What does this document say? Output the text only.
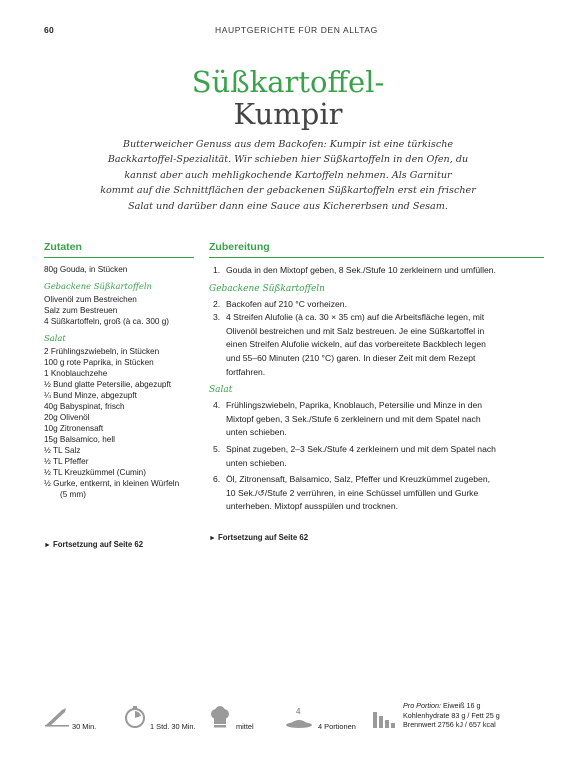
60	HAUPTGERICHTE FÜR DEN ALLTAG
Süßkartoffel-
Kumpir
Butterweicher Genuss aus dem Backofen: Kumpir ist eine türkische
Backkartoffel-Spezialität. Wir schieben hier Süßkartoffeln in den Ofen, du
kannst aber auch mehligkochende Kartoffeln nehmen. Als Garnitur
kommt auf die Schnittflächen der gebackenen Süßkartoffeln erst ein frischer
Salat und darüber dann eine Sauce aus Kichererbsen und Sesam.
Zutaten
80g Gouda, in Stücken
Gebackene Süßkartoffeln
Olivenöl zum Bestreichen
Salz zum Bestreuen
4 Süßkartoffeln, groß (à ca. 300 g)
Salat
2 Frühlingszwiebeln, in Stücken
100 g rote Paprika, in Stücken
1 Knoblauchzehe
½ Bund glatte Petersilie, abgezupft
¼ Bund Minze, abgezupft
40g Babyspinat, frisch
20g Olivenöl
10g Zitronensaft
15g Balsamico, hell
½ TL Salz
½ TL Pfeffer
½ TL Kreuzkümmel (Cumin)
½ Gurke, entkernt, in kleinen Würfeln
(5 mm)
► Fortsetzung auf Seite 62
Zubereitung
1. Gouda in den Mixtopf geben, 8 Sek./Stufe 10 zerkleinern und umfüllen.
Gebackene Süßkartoffeln
2. Backofen auf 210 °C vorheizen.
3. 4 Streifen Alufolie (à ca. 30 × 35 cm) auf die Arbeitsfläche legen, mit
Olivenöl bestreichen und mit Salz bestreuen. Je eine Süßkartoffel in
einen Streifen Alufolie wickeln, auf das vorbereitete Backblech legen
und 55–60 Minuten (210 °C) garen. In dieser Zeit mit dem Rezept
fortfahren.
Salat
4. Frühlingszwiebeln, Paprika, Knoblauch, Petersilie und Minze in den
Mixtopf geben, 3 Sek./Stufe 6 zerkleinern und mit dem Spatel nach
unten schieben.
5. Spinat zugeben, 2–3 Sek./Stufe 4 zerkleinern und mit dem Spatel nach
unten schieben.
6. Öl, Zitronensaft, Balsamico, Salz, Pfeffer und Kreuzkümmel zugeben,
10 Sek./↺/Stufe 2 verrühren, in eine Schüssel umfüllen und Gurke
unterheben. Mixtopf ausspülen und trocknen.
► Fortsetzung auf Seite 62
30 Min.	1 Std. 30 Min.	mittel
4
4 Portionen
Pro Portion: Eiweiß 16 g
Kohlenhydrate 83 g / Fett 25 g
Brennwert 2756 kJ / 657 kcal
